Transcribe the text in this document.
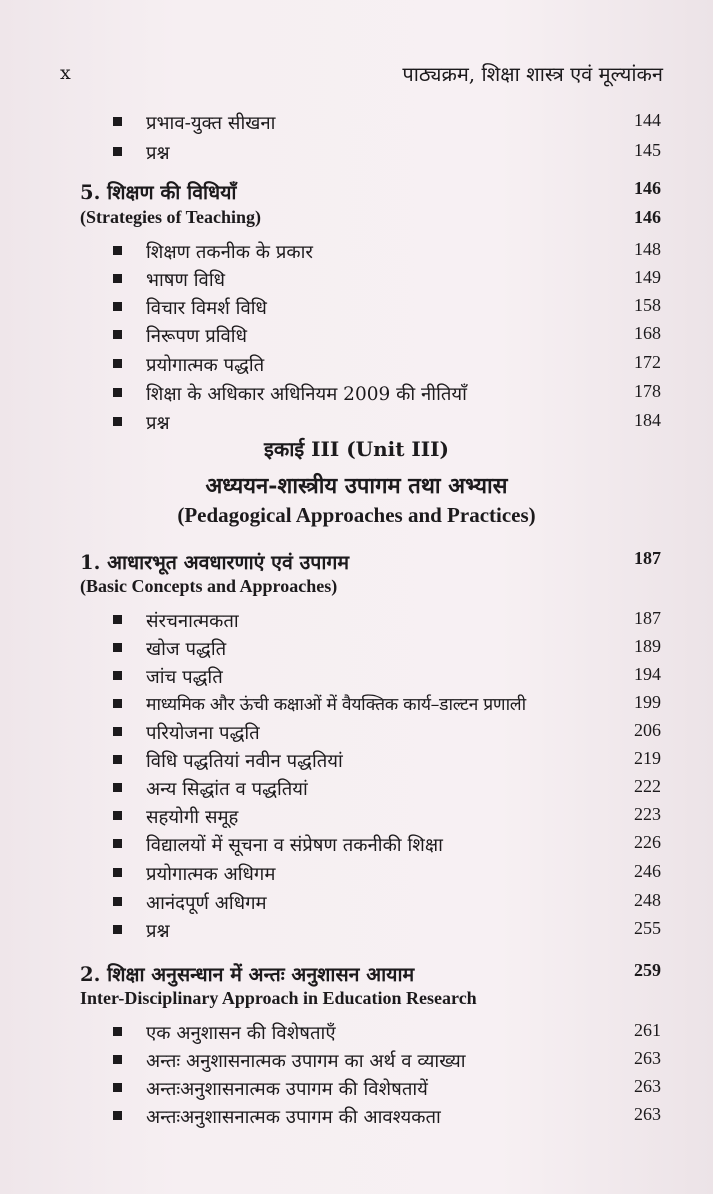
x	पाठ्यक्रम, शिक्षा शास्त्र एवं मूल्यांकन
प्रभाव-युक्त सीखना	144
प्रश्न	145
5. शिक्षण की विधियाँ	146
(Strategies of Teaching)	146
शिक्षण तकनीक के प्रकार	148
भाषण विधि	149
विचार विमर्श विधि	158
निरूपण प्रविधि	168
प्रयोगात्मक पद्धति	172
शिक्षा के अधिकार अधिनियम 2009 की नीतियाँ	178
प्रश्न	184
इकाई III (Unit III)
अध्ययन-शास्त्रीय उपागम तथा अभ्यास
(Pedagogical Approaches and Practices)
1. आधारभूत अवधारणाएं एवं उपागम	187
(Basic Concepts and Approaches)
संरचनात्मकता	187
खोज पद्धति	189
जांच पद्धति	194
माध्यमिक और ऊंची कक्षाओं में वैयक्तिक कार्य–डाल्टन प्रणाली	199
परियोजना पद्धति	206
विधि पद्धतियां नवीन पद्धतियां	219
अन्य सिद्धांत व पद्धतियां	222
सहयोगी समूह	223
विद्यालयों में सूचना व संप्रेषण तकनीकी शिक्षा	226
प्रयोगात्मक अधिगम	246
आनंदपूर्ण अधिगम	248
प्रश्न	255
2. शिक्षा अनुसन्धान में अन्तः अनुशासन आयाम	259
Inter-Disciplinary Approach in Education Research
एक अनुशासन की विशेषताएँ	261
अन्तः अनुशासनात्मक उपागम का अर्थ व व्याख्या	263
अन्तःअनुशासनात्मक उपागम की विशेषतायें	263
अन्तःअनुशासनात्मक उपागम की आवश्यकता	263
